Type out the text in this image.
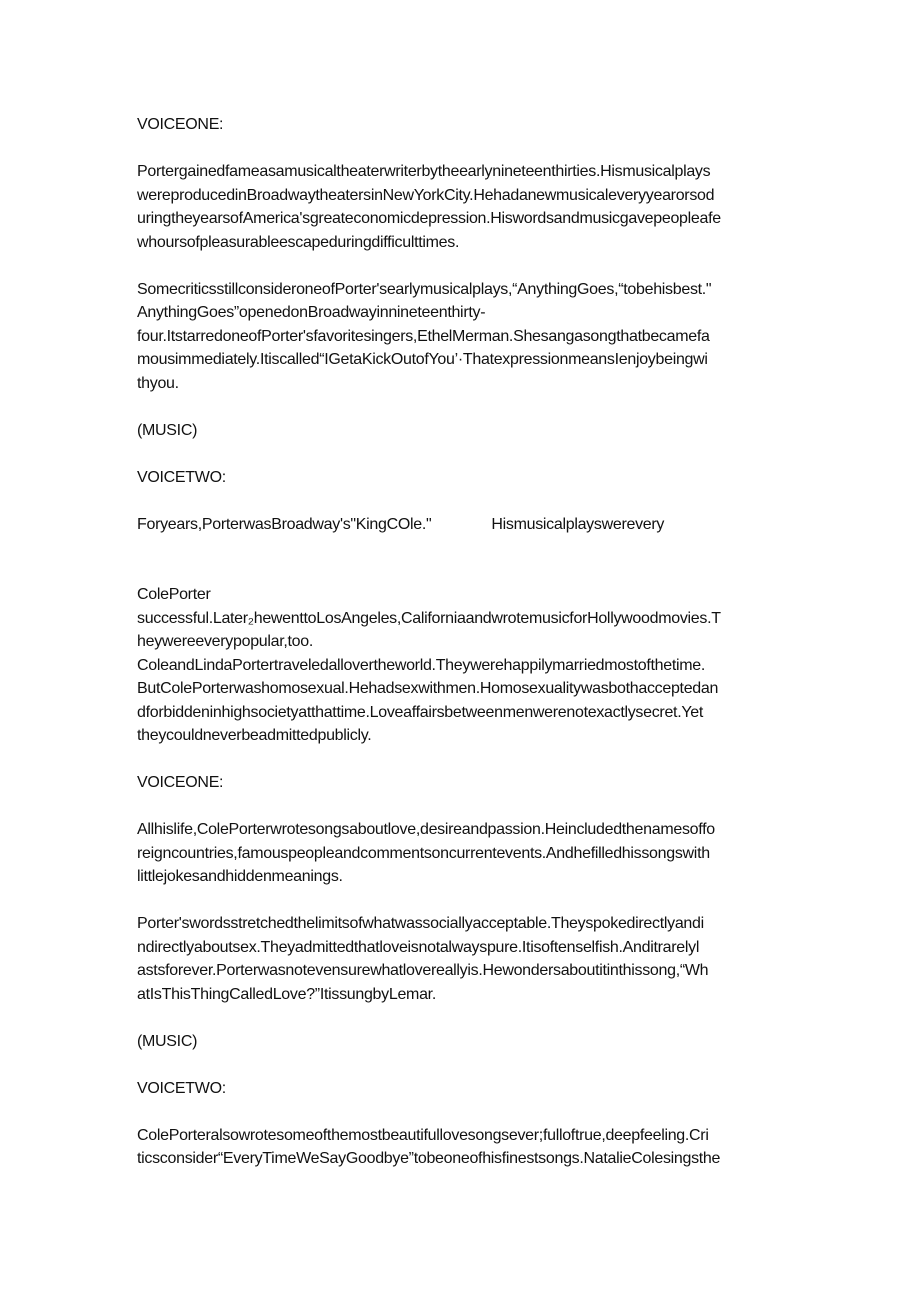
VOICEONE:
Portergainedfameasamusicaltheaterwriterbytheearlynineteenthirties.Hismusicalplays
wereproducedinBroadwaytheatersinNewYorkCity.Hehadanewmusicaleveryyearorsod
uringtheyearsofAmerica'sgreateconomicdepression.Hiswordsandmusicgavepeopleafe
whoursofpleasurableescapeduringdifficulttimes.
SomecriticsstillconsideroneofPorter'searlymusicalplays,“AnythingGoes,“tobehisbest."
AnythingGoes”openedonBroadwayinnineteenthirty-
four.ItstarredoneofPorter'sfavoritesingers,EthelMerman.Shesangasongthatbecamefa
mousimmediately.Itiscalled“IGetaKickOutofYou’·ThatexpressionmeansIenjoybeingwi
thyou.
(MUSIC)
VOICETWO:
Foryears,PorterwasBroadway's"KingCOle."	Hismusicalplayswerevery
ColePorter
successful.Later₂hewenttoLosAngeles,CaliforniaandwrotemusicforHollywoodmovies.T
heywereeverypopular,too.
ColeandLindaPortertraveledallovertheworld.Theywerehappilymarriedmostofthetime.
ButColePorterwashomosexual.Hehadsexwithmen.Homosexualitywasbothacceptedan
dforbiddeninhighsocietyatthattime.Loveaffairsbetweenmenwerenotexactlysecret.Yet
theycouldneverbeadmittedpublicly.
VOICEONE:
Allhislife,ColePorterwrotesongsaboutlove,desireandpassion.Heincludedthenamesoffo
reigncountries,famouspeopleandcommentsoncurrentevents.Andhefilledhissongswith
littlejokesandhiddenmeanings.
Porter'swordsstretchedthelimitsofwhatwassociallyacceptable.Theyspokedirectlyandi
ndirectlyaboutsex.Theyadmittedthatloveisnotalwayspure.Itisoftenselfish.Anditrarelyl
astsforever.Porterwasnotevensurewhatlovereallyis.Hewondersaboutitinthissong,“Wh
atIsThisThingCalledLove?”ItissungbyLemar.
(MUSIC)
VOICETWO:
ColePorteralsowrotesomeofthemostbeautifullovesongsever;fulloftrue,deepfeeling.Cri
ticsconsider“EveryTimeWeSayGoodbye”tobeoneofhisfinestsongs.NatalieColesingsthe
